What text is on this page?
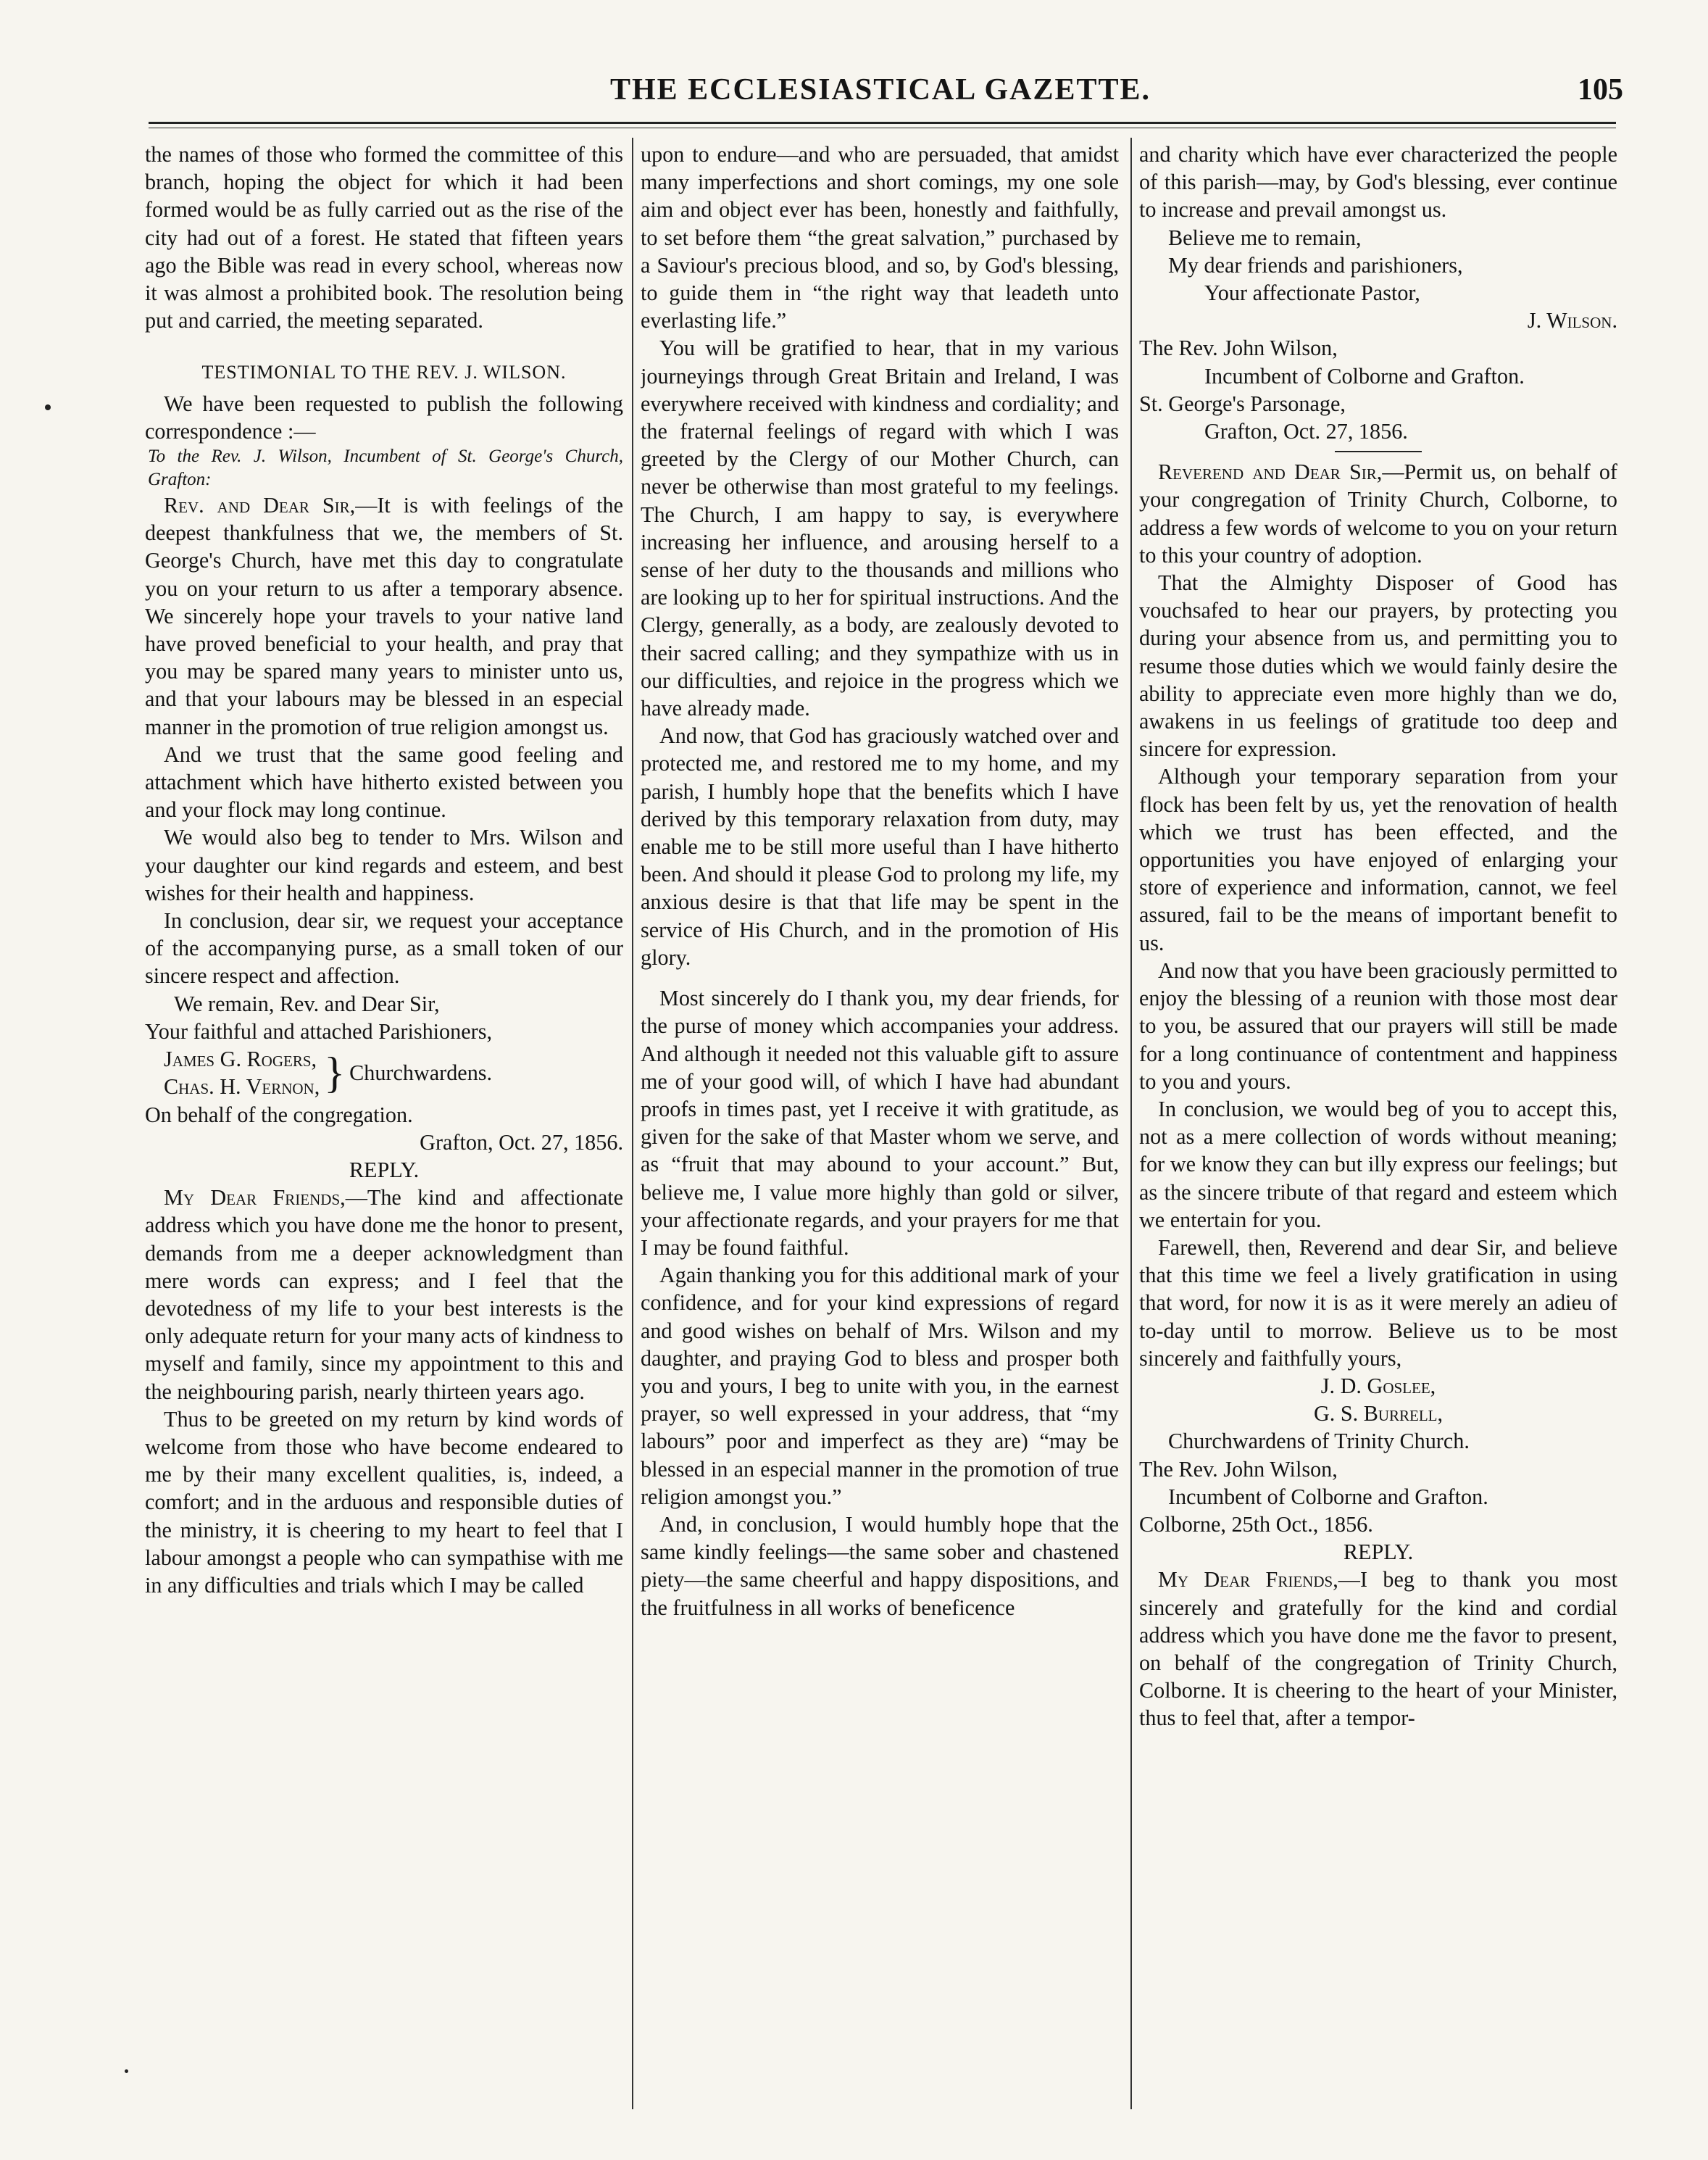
THE ECCLESIASTICAL GAZETTE.	105

the names of those who formed the committee of this branch, hoping the object for which it had been formed would be as fully carried out as the rise of the city had out of a forest. He stated that fifteen years ago the Bible was read in every school, whereas now it was almost a prohibited book. The resolution being put and carried, the meeting separated.

TESTIMONIAL TO THE REV. J. WILSON.

We have been requested to publish the following correspondence :—

To the Rev. J. Wilson, Incumbent of St. George's Church, Grafton:

Rev. and Dear Sir,—It is with feelings of the deepest thankfulness that we, the members of St. George's Church, have met this day to congratulate you on your return to us after a temporary absence. We sincerely hope your travels to your native land have proved beneficial to your health, and pray that you may be spared many years to minister unto us, and that your labours may be blessed in an especial manner in the promotion of true religion amongst us.

And we trust that the same good feeling and attachment which have hitherto existed between you and your flock may long continue.

We would also beg to tender to Mrs. Wilson and your daughter our kind regards and esteem, and best wishes for their health and happiness.

In conclusion, dear sir, we request your acceptance of the accompanying purse, as a small token of our sincere respect and affection.

We remain, Rev. and Dear Sir,

Your faithful and attached Parishioners,

James G. Rogers,
Chas. H. Vernon, } Churchwardens.

On behalf of the congregation.

Grafton, Oct. 27, 1856.

REPLY.

My Dear Friends,—The kind and affectionate address which you have done me the honor to present, demands from me a deeper acknowledgment than mere words can express; and I feel that the devotedness of my life to your best interests is the only adequate return for your many acts of kindness to myself and family, since my appointment to this and the neighbouring parish, nearly thirteen years ago.

Thus to be greeted on my return by kind words of welcome from those who have become endeared to me by their many excellent qualities, is, indeed, a comfort; and in the arduous and responsible duties of the ministry, it is cheering to my heart to feel that I labour amongst a people who can sympathise with me in any difficulties and trials which I may be called

upon to endure—and who are persuaded, that amidst many imperfections and short comings, my one sole aim and object ever has been, honestly and faithfully, to set before them “the great salvation,” purchased by a Saviour's precious blood, and so, by God's blessing, to guide them in “the right way that leadeth unto everlasting life.”

You will be gratified to hear, that in my various journeyings through Great Britain and Ireland, I was everywhere received with kindness and cordiality; and the fraternal feelings of regard with which I was greeted by the Clergy of our Mother Church, can never be otherwise than most grateful to my feelings. The Church, I am happy to say, is everywhere increasing her influence, and arousing herself to a sense of her duty to the thousands and millions who are looking up to her for spiritual instructions. And the Clergy, generally, as a body, are zealously devoted to their sacred calling; and they sympathize with us in our difficulties, and rejoice in the progress which we have already made.

And now, that God has graciously watched over and protected me, and restored me to my home, and my parish, I humbly hope that the benefits which I have derived by this temporary relaxation from duty, may enable me to be still more useful than I have hitherto been. And should it please God to prolong my life, my anxious desire is that that life may be spent in the service of His Church, and in the promotion of His glory.

Most sincerely do I thank you, my dear friends, for the purse of money which accompanies your address. And although it needed not this valuable gift to assure me of your good will, of which I have had abundant proofs in times past, yet I receive it with gratitude, as given for the sake of that Master whom we serve, and as “fruit that may abound to your account.” But, believe me, I value more highly than gold or silver, your affectionate regards, and your prayers for me that I may be found faithful.

Again thanking you for this additional mark of your confidence, and for your kind expressions of regard and good wishes on behalf of Mrs. Wilson and my daughter, and praying God to bless and prosper both you and yours, I beg to unite with you, in the earnest prayer, so well expressed in your address, that “my labours” poor and imperfect as they are) “may be blessed in an especial manner in the promotion of true religion amongst you.”

And, in conclusion, I would humbly hope that the same kindly feelings—the same sober and chastened piety—the same cheerful and happy dispositions, and the fruitfulness in all works of beneficence

and charity which have ever characterized the people of this parish—may, by God's blessing, ever continue to increase and prevail amongst us.

Believe me to remain,

My dear friends and parishioners,

Your affectionate Pastor,

J. Wilson.

The Rev. John Wilson,

Incumbent of Colborne and Grafton.

St. George's Parsonage,

Grafton, Oct. 27, 1856.

Reverend and Dear Sir,—Permit us, on behalf of your congregation of Trinity Church, Colborne, to address a few words of welcome to you on your return to this your country of adoption.

That the Almighty Disposer of Good has vouchsafed to hear our prayers, by protecting you during your absence from us, and permitting you to resume those duties which we would fainly desire the ability to appreciate even more highly than we do, awakens in us feelings of gratitude too deep and sincere for expression.

Although your temporary separation from your flock has been felt by us, yet the renovation of health which we trust has been effected, and the opportunities you have enjoyed of enlarging your store of experience and information, cannot, we feel assured, fail to be the means of important benefit to us.

And now that you have been graciously permitted to enjoy the blessing of a reunion with those most dear to you, be assured that our prayers will still be made for a long continuance of contentment and happiness to you and yours.

In conclusion, we would beg of you to accept this, not as a mere collection of words without meaning; for we know they can but illy express our feelings; but as the sincere tribute of that regard and esteem which we entertain for you.

Farewell, then, Reverend and dear Sir, and believe that this time we feel a lively gratification in using that word, for now it is as it were merely an adieu of to-day until to morrow. Believe us to be most sincerely and faithfully yours,

J. D. Goslee,

G. S. Burrell,

Churchwardens of Trinity Church.

The Rev. John Wilson,

Incumbent of Colborne and Grafton.

Colborne, 25th Oct., 1856.

REPLY.

My Dear Friends,—I beg to thank you most sincerely and gratefully for the kind and cordial address which you have done me the favor to present, on behalf of the congregation of Trinity Church, Colborne. It is cheering to the heart of your Minister, thus to feel that, after a tempor-
